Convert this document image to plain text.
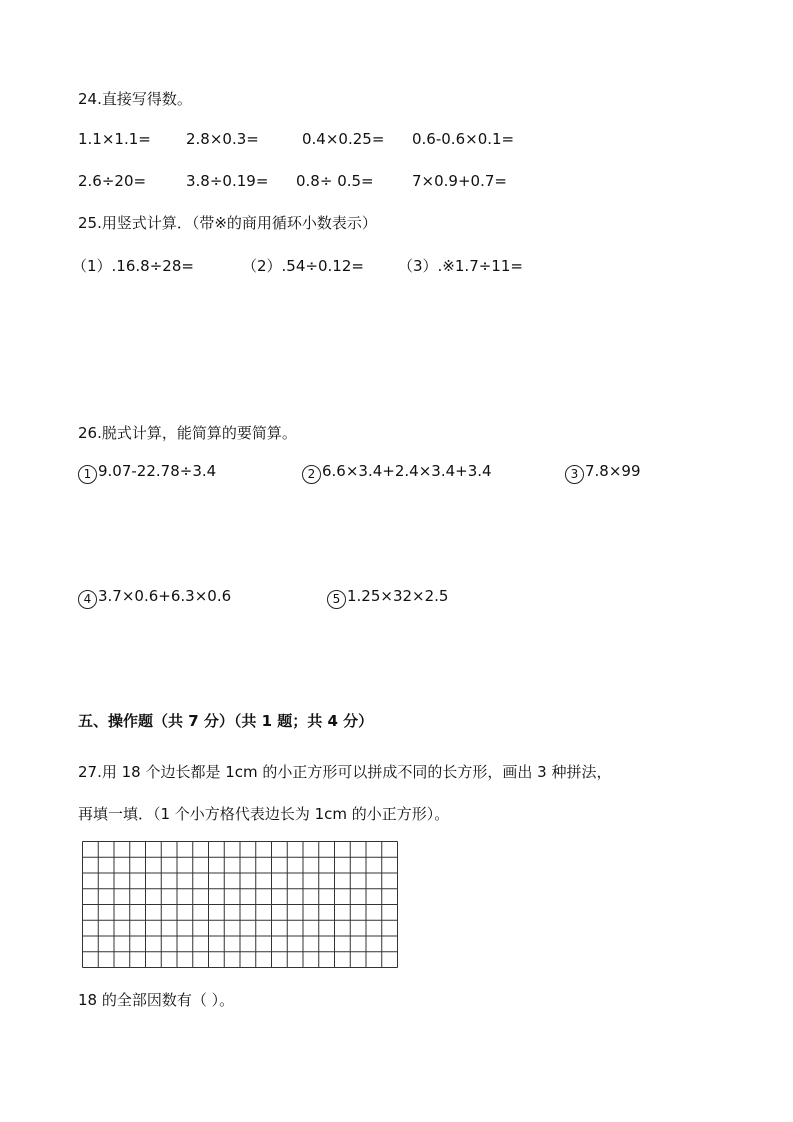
24.直接写得数。
1.1×1.1= 2.8×0.3=	0.4×0.25= 0.6-0.6×0.1=
2.6÷20=	3.8÷0.19= 0.8÷ 0.5=	7×0.9+0.7=
25.用竖式计算．（带※的商用循环小数表示）
（1）.16.8÷28=	（2）.54÷0.12= （3）.※1.7÷11=
26.脱式计算，能简算的要简算。
1 9.07-22.78÷3.4	2 6.6×3.4+2.4×3.4+3.4	3 7.8×99
4 3.7×0.6+6.3×0.6	5 1.25×32×2.5
五、操作题（共 7 分）（共 1 题；共 4 分）
27.用 18 个边长都是 1cm 的小正方形可以拼成不同的长方形，画出 3 种拼法，
再填一填．（1 个小方格代表边长为 1cm 的小正方形）。
18 的全部因数有（ ）。
